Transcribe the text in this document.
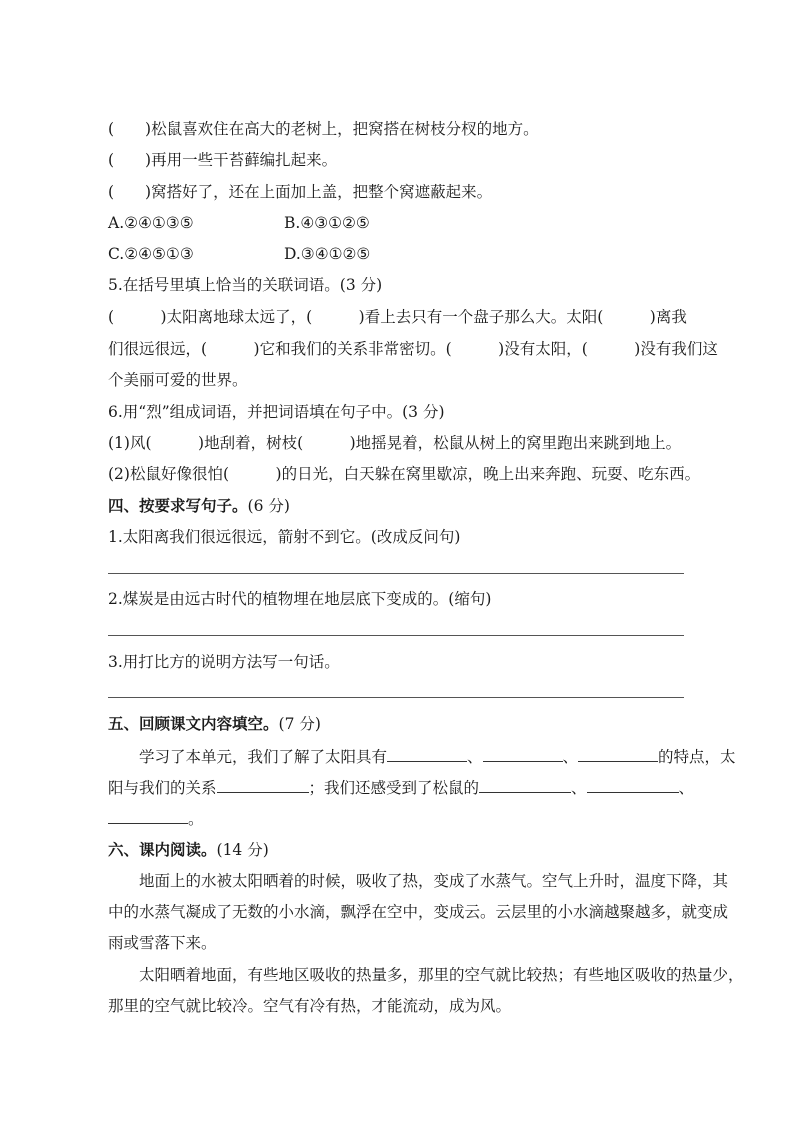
(　　)松鼠喜欢住在高大的老树上，把窝搭在树枝分杈的地方。
(　　)再用一些干苔藓编扎起来。
(　　)窝搭好了，还在上面加上盖，把整个窝遮蔽起来。
A.②④①③⑤	B.④③①②⑤
C.②④⑤①③	D.③④①②⑤
5.在括号里填上恰当的关联词语。(3 分)
(　　　)太阳离地球太远了，(　　　)看上去只有一个盘子那么大。太阳(　　　)离我
们很远很远，(　　　)它和我们的关系非常密切。(　　　)没有太阳，(　　　)没有我们这
个美丽可爱的世界。
6.用“烈”组成词语，并把词语填在句子中。(3 分)
(1)风(　　　)地刮着，树枝(　　　)地摇晃着，松鼠从树上的窝里跑出来跳到地上。
(2)松鼠好像很怕(　　　)的日光，白天躲在窝里歇凉，晚上出来奔跑、玩耍、吃东西。
四、按要求写句子。(6 分)
1.太阳离我们很远很远，箭射不到它。(改成反问句)
2.煤炭是由远古时代的植物埋在地层底下变成的。(缩句)
3.用打比方的说明方法写一句话。
五、回顾课文内容填空。(7 分)
学习了本单元，我们了解了太阳具有	、	、	的特点，太
阳与我们的关系	；我们还感受到了松鼠的	、	、
。
六、课内阅读。(14 分)
地面上的水被太阳晒着的时候，吸收了热，变成了水蒸气。空气上升时，温度下降，其
中的水蒸气凝成了无数的小水滴，飘浮在空中，变成云。云层里的小水滴越聚越多，就变成
雨或雪落下来。
太阳晒着地面，有些地区吸收的热量多，那里的空气就比较热；有些地区吸收的热量少，
那里的空气就比较冷。空气有冷有热，才能流动，成为风。
